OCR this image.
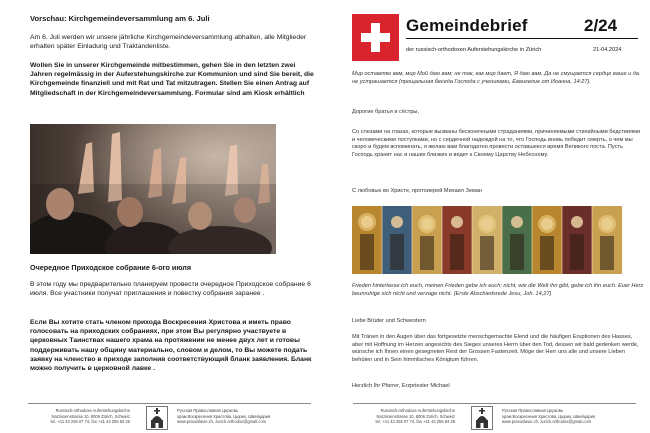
Vorschau: Kirchgemeindeversammlung am 6. Juli

Am 6. Juli werden wir unsere jährliche Kirchgemeindeversammlung abhalten, alle Mitglieder erhalten später Einladung und Traktandenliste.

Wollen Sie in unserer Kirchgemeinde mitbestimmen, gehen Sie in den letzten zwei Jahren regelmässig in der Auferstehungskirche zur Kommunion und sind Sie bereit, die Kirchgemeinde finanziell und mit Rat und Tat mitzutragen. Stellen Sie einen Antrag auf Mitgliedschaft in der Kirchgemeindeversammlung. Formular sind am Kiosk erhältlich

Очередное Приходское собрание 6-ого июля

В этом году мы предварительно планируем провести очередное Приходское собрание 6 июля. Все участники получат приглашения и повестку собрания заранее .

Если Вы хотите стать членом прихода Воскресения Христова и иметь право голосовать на приходских собраниях, при этом Вы регулярно участвуете в церковных Таинствах нашего храма на протяжении не менее двух лет и готовы поддерживать нашу общину материально, словом и делом, то Вы можете подать заявку на членство в приходе заполнив соответствующий бланк заявления. Бланк можно получить в церковной лавке .

Russisch-orthodoxe Auferstehungskirche
Narzissenstrasse 10, 8006 Zürich, Schweiz
tel. +41 43 255 07 74, fax +41 43 255 84 35
Русская Православная Церковь
храм Воскресения Христова, Цюрих, Швейцария
www.pravoslavie.ch, zurich.orthodox@gmail.com
Gemeindebrief	2/24
der russisch-orthodoxen Auferstehungskirche in Zürich	21-04.2024

Мир оставляю вам, мир Мой даю вам; не так, как мир дает, Я даю вам. Да не смущается сердце ваше и да не устрашается (прощальная беседа Господа с учениками, Евангелие от Иоанна, 14:27).

Дорогие братья и сёстры,

Со слезами на глазах, которые вызваны бесконечными страданиями, причиняемыми стихийными бедствиями и человеческими поступками, но с сердечной надеждой на то, что Господь вновь победит смерть, о чем мы скоро и будем вспоминать, я желаю вам благодатно провести оставшееся время Великого поста. Пусть Господь хранит нас и наших близких и ведет к Своему Царству Небесному.

С любовью во Христе, протоиерей Михаил Земан

Frieden hinterlasse ich euch, meinen Frieden gebe ich euch; nicht, wie die Welt ihn gibt, gebe ich ihn euch. Euer Herz beunruhige sich nicht und verzage nicht. (Erste Abschiedsrede Jesu, Joh. 14,27)

Liebe Brüder und Schwestern

Mit Tränen in den Augen über das fortgesetzte menschgemachte Elend und die häufigen Eruptionen des Hasses, aber mit Hoffnung im Herzen angesichts des Sieges unseres Herrn über den Tod, dessen wir bald gedenken werde, wünsche ich Ihnen einen gesegneten Rest der Grossen Fastenzeit. Möge der Herr uns alle und unsere Lieben behüten und in Sein himmlisches Königtum führen.

Herzlich Ihr Pfarrer, Erzpriester Michael

Russisch-orthodoxe Auferstehungskirche
Narzissenstrasse 10, 8006 Zürich, Schweiz
tel. +41 43 255 07 74, fax +41 43 255 84 35
Русская Православная Церковь
храм Воскресения Христова, Цюрих, Швейцария
www.pravoslavie.ch, zurich.orthodox@gmail.com
